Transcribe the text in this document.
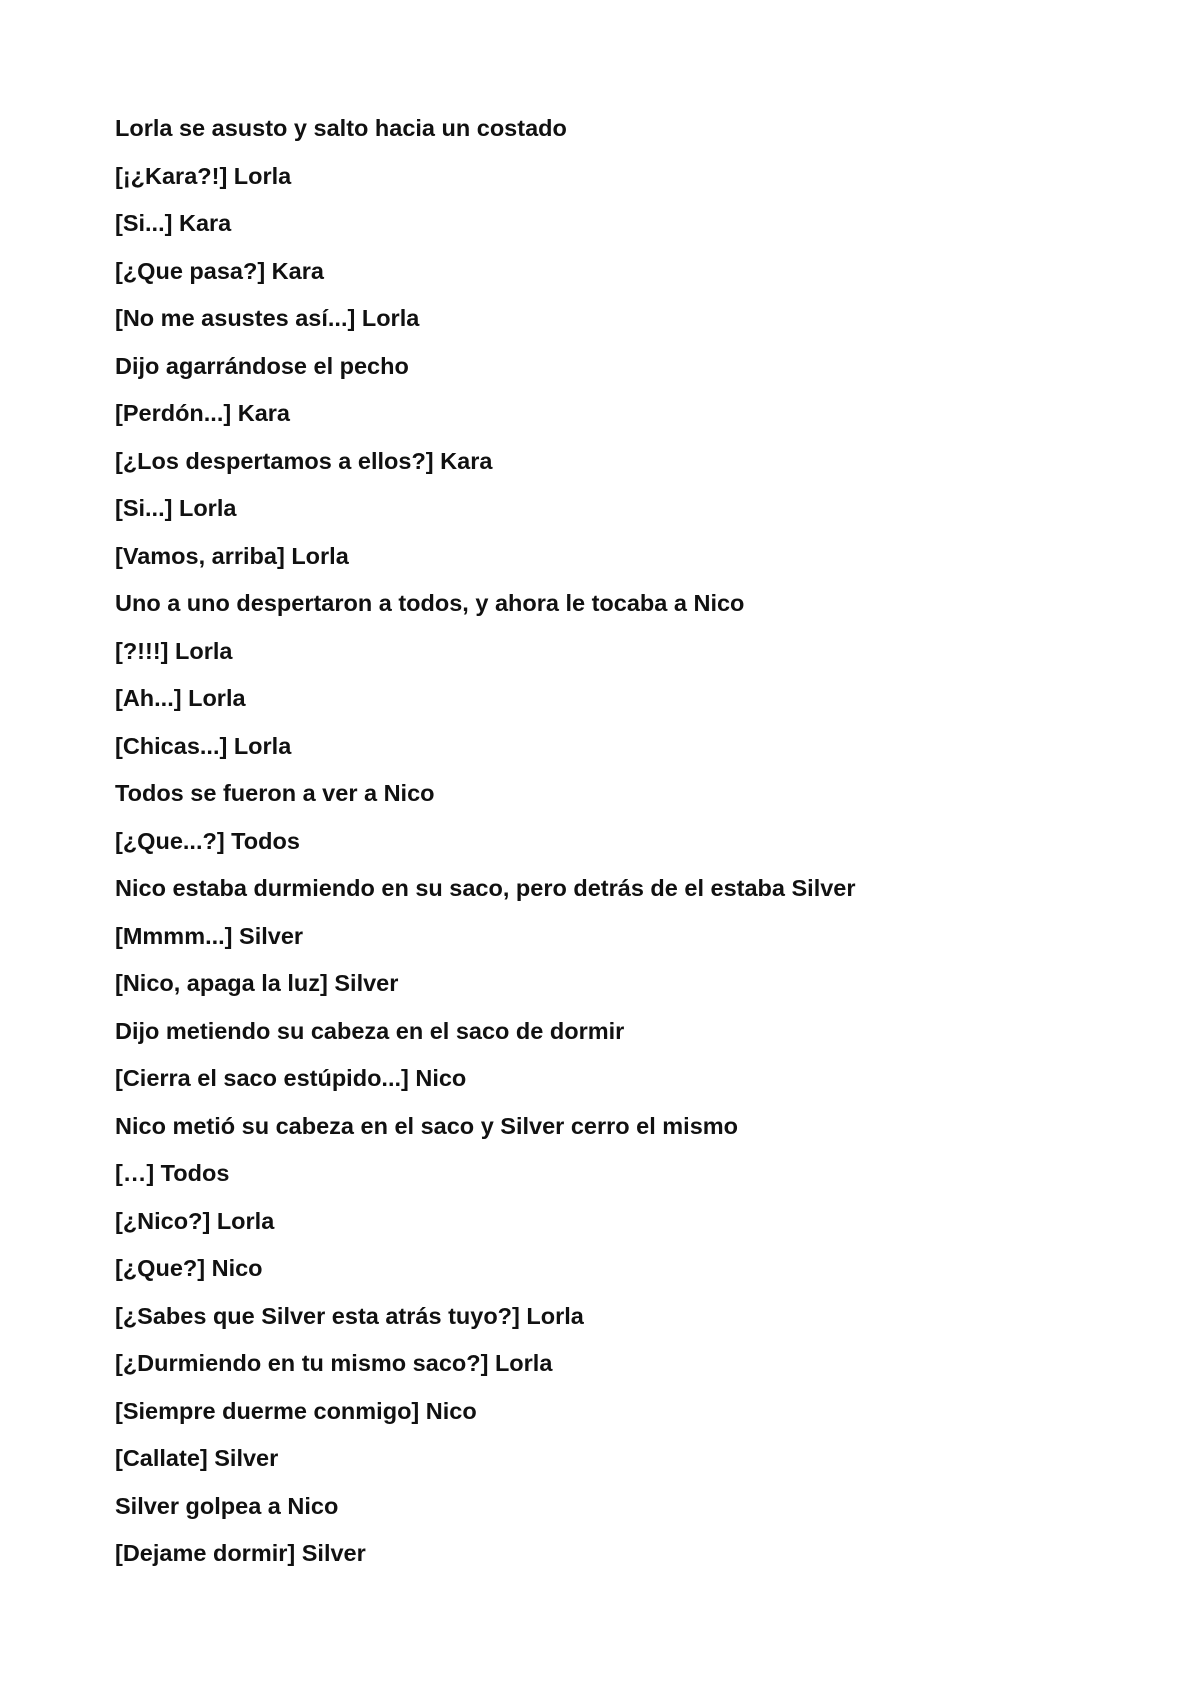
Lorla se asusto y salto hacia un costado
[¡¿Kara?!] Lorla
[Si...] Kara
[¿Que pasa?] Kara
[No me asustes así...] Lorla
Dijo agarrándose el pecho
[Perdón...] Kara
[¿Los despertamos a ellos?] Kara
[Si...] Lorla
[Vamos, arriba] Lorla
Uno a uno despertaron a todos, y ahora le tocaba a Nico
[?!!!] Lorla
[Ah...] Lorla
[Chicas...] Lorla
Todos se fueron a ver a Nico
[¿Que...?] Todos
Nico estaba durmiendo en su saco, pero detrás de el estaba Silver
[Mmmm...] Silver
[Nico, apaga la luz] Silver
Dijo metiendo su cabeza en el saco de dormir
[Cierra el saco estúpido...] Nico
Nico metió su cabeza en el saco y Silver cerro el mismo
[…] Todos
[¿Nico?] Lorla
[¿Que?] Nico
[¿Sabes que Silver esta atrás tuyo?] Lorla
[¿Durmiendo en tu mismo saco?] Lorla
[Siempre duerme conmigo] Nico
[Callate] Silver
Silver golpea a Nico
[Dejame dormir] Silver
